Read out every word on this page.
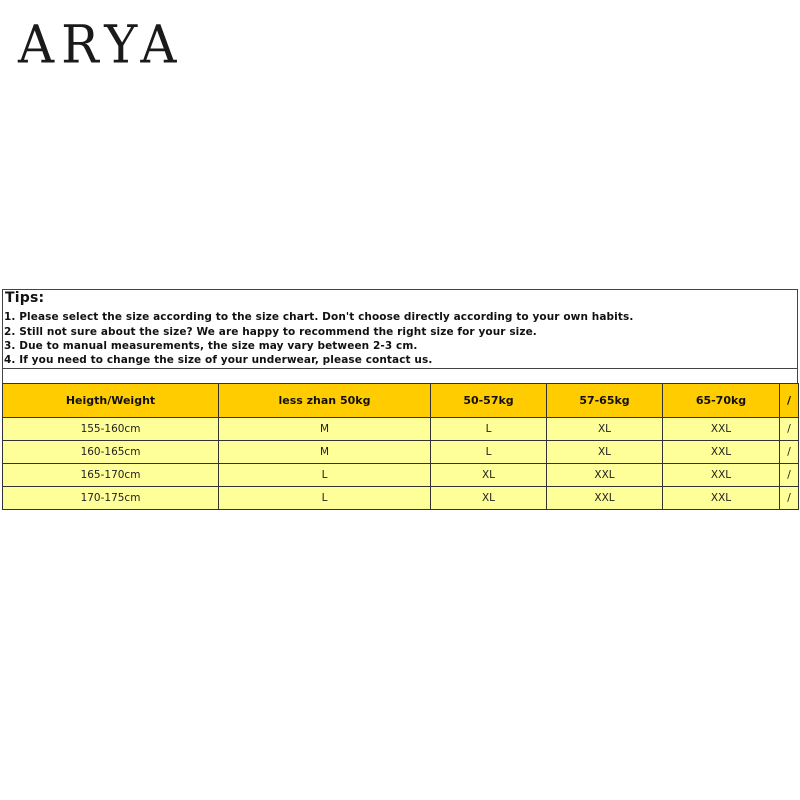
ARYA
Tips:
1. Please select the size according to the size chart. Don't choose directly according to your own habits.
2. Still not sure about the size? We are happy to recommend the right size for your size.
3. Due to manual measurements, the size may vary between 2-3 cm.
4. If you need to change the size of your underwear, please contact us.
Heigth/Weight	less zhan 50kg	50-57kg	57-65kg	65-70kg	/
155-160cm	M	L	XL	XXL	/
160-165cm	M	L	XL	XXL	/
165-170cm	L	XL	XXL	XXL	/
170-175cm	L	XL	XXL	XXL	/
